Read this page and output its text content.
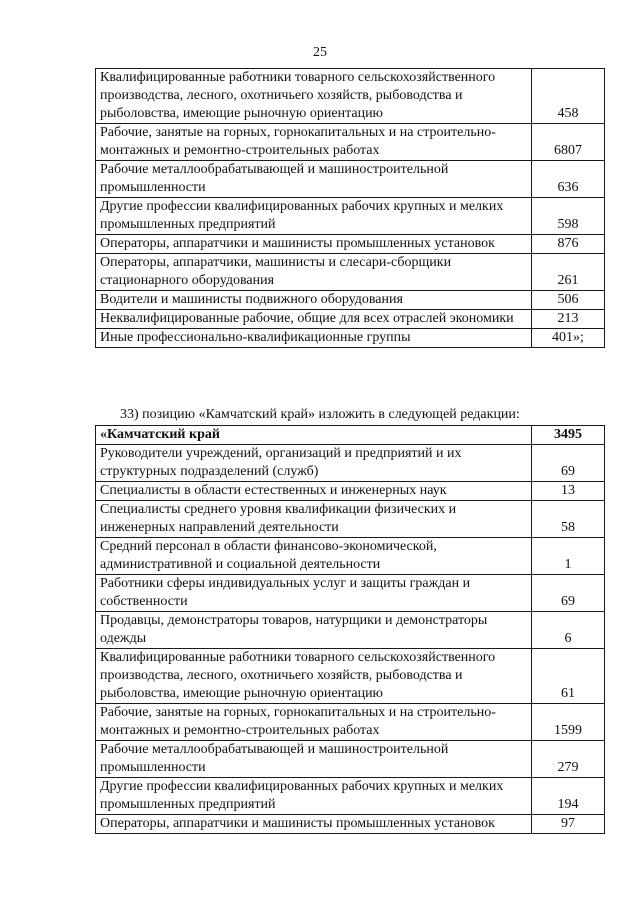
25
Квалифицированные работники товарного сельскохозяйственного производства, лесного, охотничьего хозяйств, рыбоводства и рыболовства, имеющие рыночную ориентацию	458
Рабочие, занятые на горных, горнокапитальных и на строительно-монтажных и ремонтно-строительных работах	6807
Рабочие металлообрабатывающей и машиностроительной промышленности	636
Другие профессии квалифицированных рабочих крупных и мелких промышленных предприятий	598
Операторы, аппаратчики и машинисты промышленных установок	876
Операторы, аппаратчики, машинисты и слесари-сборщики стационарного оборудования	261
Водители и машинисты подвижного оборудования	506
Неквалифицированные рабочие, общие для всех отраслей экономики	213
Иные профессионально-квалификационные группы	401»;
33) позицию «Камчатский край» изложить в следующей редакции:
«Камчатский край	3495
Руководители учреждений, организаций и предприятий и их структурных подразделений (служб)	69
Специалисты в области естественных и инженерных наук	13
Специалисты среднего уровня квалификации физических и инженерных направлений деятельности	58
Средний персонал в области финансово-экономической, административной и социальной деятельности	1
Работники сферы индивидуальных услуг и защиты граждан и собственности	69
Продавцы, демонстраторы товаров, натурщики и демонстраторы одежды	6
Квалифицированные работники товарного сельскохозяйственного производства, лесного, охотничьего хозяйств, рыбоводства и рыболовства, имеющие рыночную ориентацию	61
Рабочие, занятые на горных, горнокапитальных и на строительно-монтажных и ремонтно-строительных работах	1599
Рабочие металлообрабатывающей и машиностроительной промышленности	279
Другие профессии квалифицированных рабочих крупных и мелких промышленных предприятий	194
Операторы, аппаратчики и машинисты промышленных установок	97
